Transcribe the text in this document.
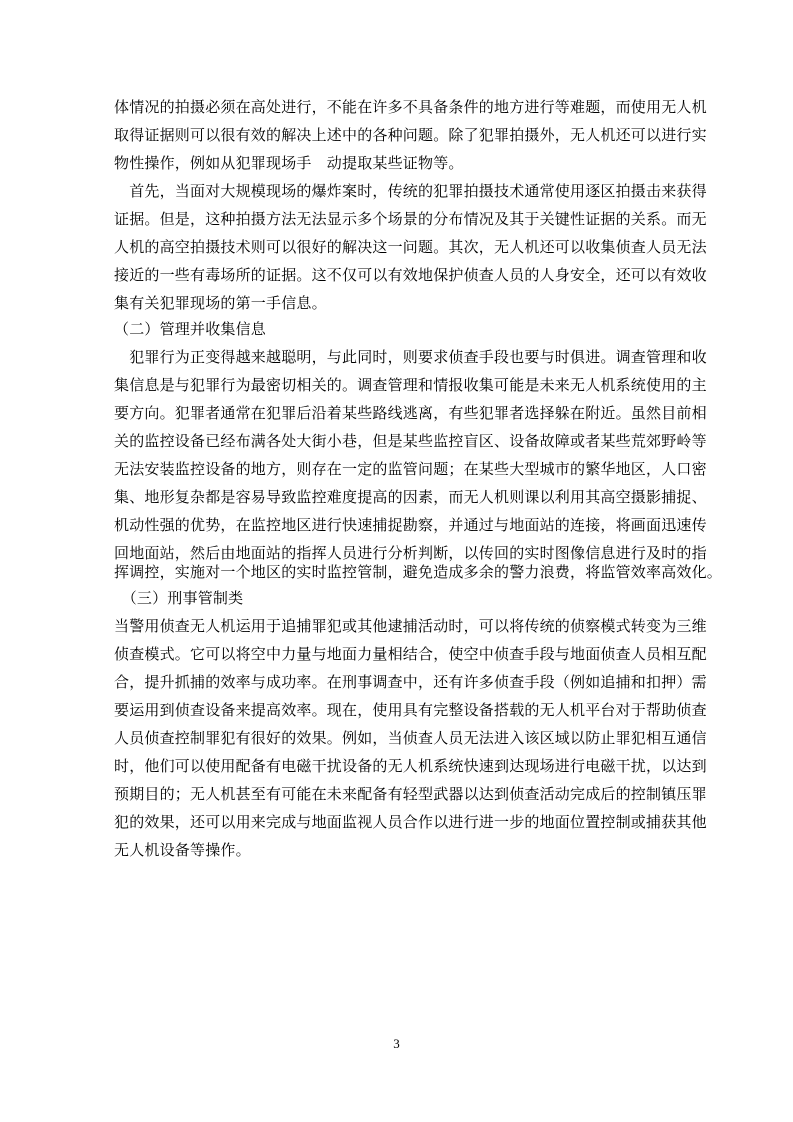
体情况的拍摄必须在高处进行，不能在许多不具备条件的地方进行等难题，而使用无人机
取得证据则可以很有效的解决上述中的各种问题。除了犯罪拍摄外，无人机还可以进行实
物性操作，例如从犯罪现场手　动提取某些证物等。
　首先，当面对大规模现场的爆炸案时，传统的犯罪拍摄技术通常使用逐区拍摄击来获得
证据。但是，这种拍摄方法无法显示多个场景的分布情况及其于关键性证据的关系。而无
人机的高空拍摄技术则可以很好的解决这一问题。其次，无人机还可以收集侦查人员无法
接近的一些有毒场所的证据。这不仅可以有效地保护侦查人员的人身安全，还可以有效收
集有关犯罪现场的第一手信息。
（二）管理并收集信息
　犯罪行为正变得越来越聪明，与此同时，则要求侦查手段也要与时俱进。调查管理和收
集信息是与犯罪行为最密切相关的。调查管理和情报收集可能是未来无人机系统使用的主
要方向。犯罪者通常在犯罪后沿着某些路线逃离，有些犯罪者选择躲在附近。虽然目前相
关的监控设备已经布满各处大街小巷，但是某些监控盲区、设备故障或者某些荒郊野岭等
无法安装监控设备的地方，则存在一定的监管问题；在某些大型城市的繁华地区，人口密
集、地形复杂都是容易导致监控难度提高的因素，而无人机则课以利用其高空摄影捕捉、
机动性强的优势，在监控地区进行快速捕捉勘察，并通过与地面站的连接，将画面迅速传
回地面站，然后由地面站的指挥人员进行分析判断，以传回的实时图像信息进行及时的指
挥调控，实施对一个地区的实时监控管制，避免造成多余的警力浪费，将监管效率高效化。
　（三）刑事管制类
当警用侦查无人机运用于追捕罪犯或其他逮捕活动时，可以将传统的侦察模式转变为三维
侦查模式。它可以将空中力量与地面力量相结合，使空中侦查手段与地面侦查人员相互配
合，提升抓捕的效率与成功率。在刑事调查中，还有许多侦查手段（例如追捕和扣押）需
要运用到侦查设备来提高效率。现在，使用具有完整设备搭载的无人机平台对于帮助侦查
人员侦查控制罪犯有很好的效果。例如，当侦查人员无法进入该区域以防止罪犯相互通信
时，他们可以使用配备有电磁干扰设备的无人机系统快速到达现场进行电磁干扰，以达到
预期目的；无人机甚至有可能在未来配备有轻型武器以达到侦查活动完成后的控制镇压罪
犯的效果，还可以用来完成与地面监视人员合作以进行进一步的地面位置控制或捕获其他
无人机设备等操作。
3
